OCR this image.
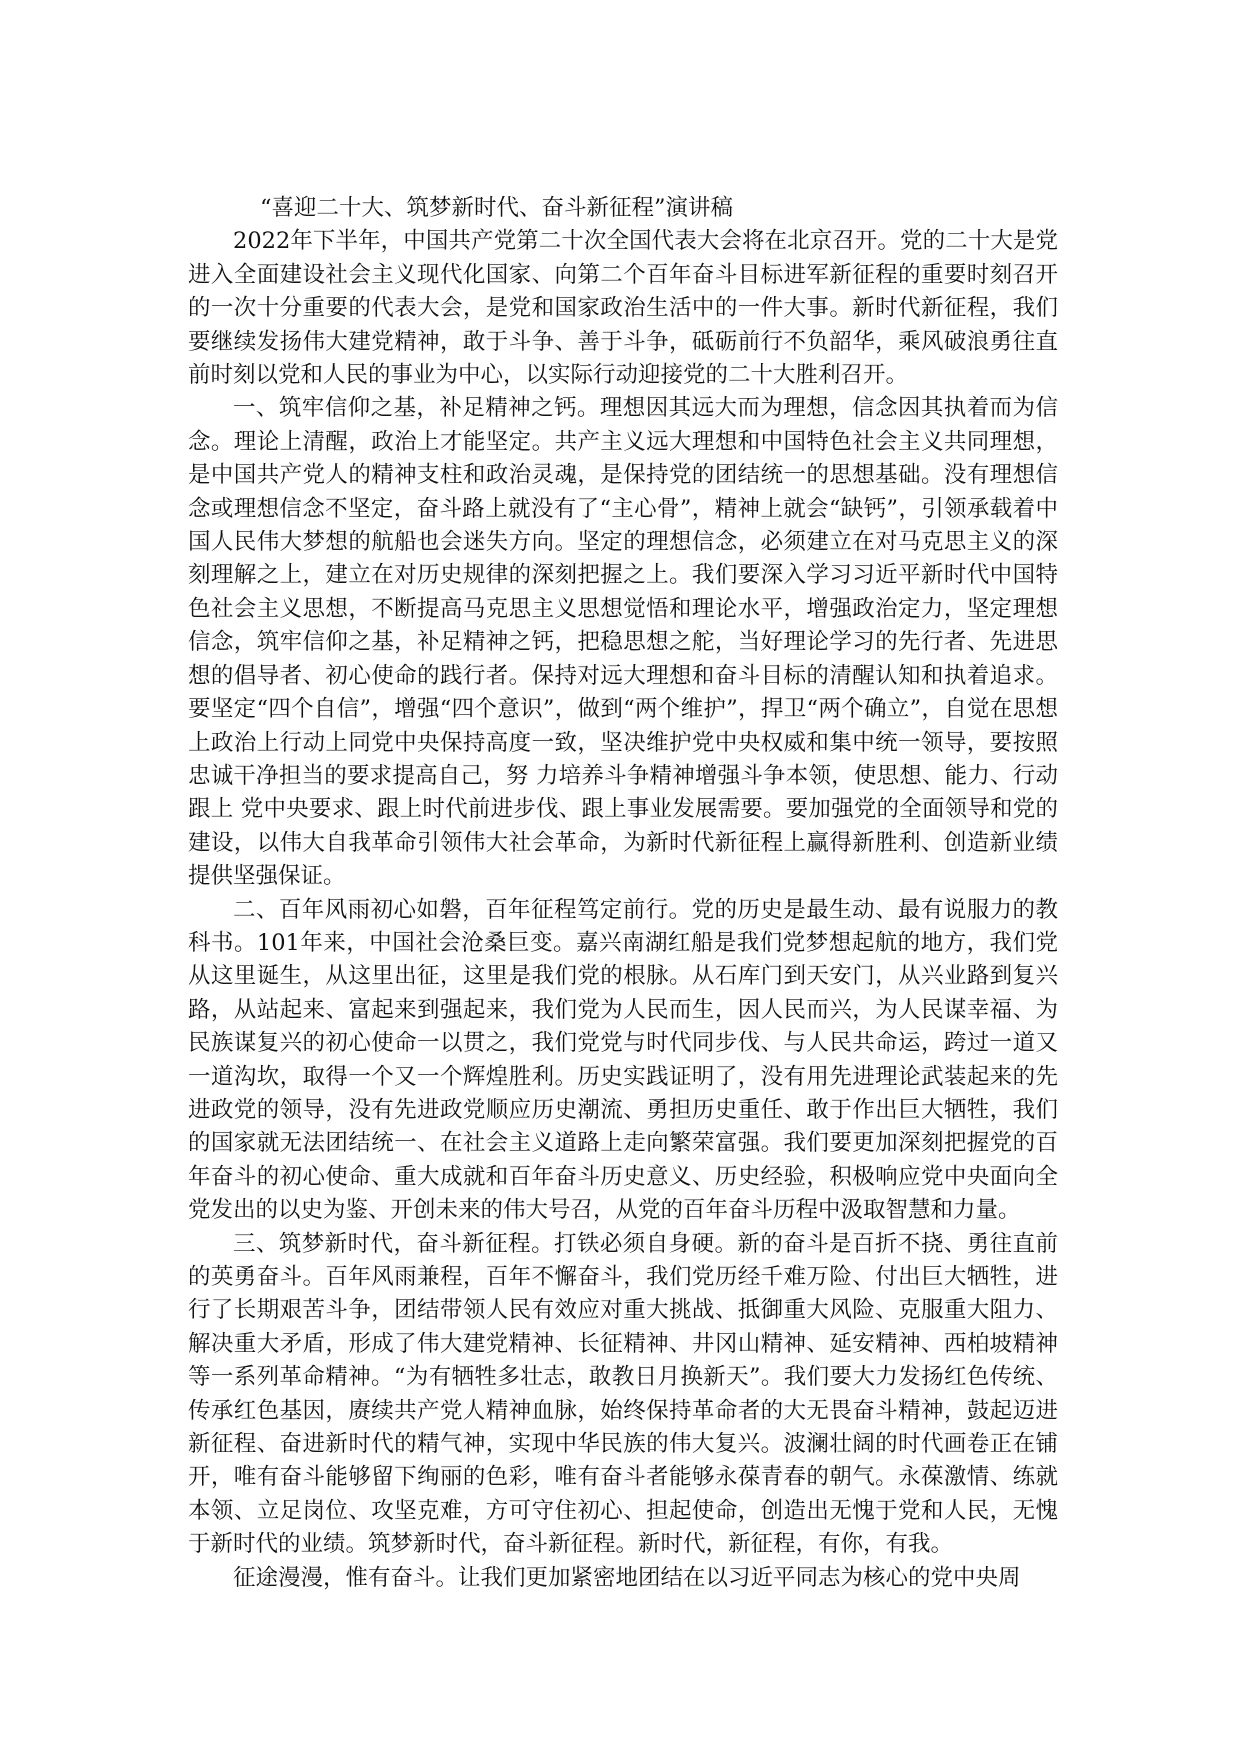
“喜迎二十大、筑梦新时代、奋斗新征程”演讲稿

2022年下半年，中国共产党第二十次全国代表大会将在北京召开。党的二十大是党进入全面建设社会主义现代化国家、向第二个百年奋斗目标进军新征程的重要时刻召开的一次十分重要的代表大会，是党和国家政治生活中的一件大事。新时代新征程，我们要继续发扬伟大建党精神，敢于斗争、善于斗争，砥砺前行不负韶华，乘风破浪勇往直前时刻以党和人民的事业为中心，以实际行动迎接党的二十大胜利召开。

一、筑牢信仰之基，补足精神之钙。理想因其远大而为理想，信念因其执着而为信念。理论上清醒，政治上才能坚定。共产主义远大理想和中国特色社会主义共同理想，是中国共产党人的精神支柱和政治灵魂，是保持党的团结统一的思想基础。没有理想信念或理想信念不坚定，奋斗路上就没有了“主心骨”，精神上就会“缺钙”，引领承载着中国人民伟大梦想的航船也会迷失方向。坚定的理想信念，必须建立在对马克思主义的深刻理解之上，建立在对历史规律的深刻把握之上。我们要深入学习习近平新时代中国特色社会主义思想，不断提高马克思主义思想觉悟和理论水平，增强政治定力，坚定理想信念，筑牢信仰之基，补足精神之钙，把稳思想之舵，当好理论学习的先行者、先进思想的倡导者、初心使命的践行者。保持对远大理想和奋斗目标的清醒认知和执着追求。要坚定“四个自信”，增强“四个意识”，做到“两个维护”，捍卫“两个确立”，自觉在思想上政治上行动上同党中央保持高度一致，坚决维护党中央权威和集中统一领导，要按照忠诚干净担当的要求提高自己，努 力培养斗争精神增强斗争本领，使思想、能力、行动跟上 党中央要求、跟上时代前进步伐、跟上事业发展需要。要加强党的全面领导和党的建设，以伟大自我革命引领伟大社会革命，为新时代新征程上赢得新胜利、创造新业绩提供坚强保证。

二、百年风雨初心如磐，百年征程笃定前行。党的历史是最生动、最有说服力的教科书。101年来，中国社会沧桑巨变。嘉兴南湖红船是我们党梦想起航的地方，我们党从这里诞生，从这里出征，这里是我们党的根脉。从石库门到天安门，从兴业路到复兴路，从站起来、富起来到强起来，我们党为人民而生，因人民而兴，为人民谋幸福、为民族谋复兴的初心使命一以贯之，我们党党与时代同步伐、与人民共命运，跨过一道又一道沟坎，取得一个又一个辉煌胜利。历史实践证明了，没有用先进理论武装起来的先进政党的领导，没有先进政党顺应历史潮流、勇担历史重任、敢于作出巨大牺牲，我们的国家就无法团结统一、在社会主义道路上走向繁荣富强。我们要更加深刻把握党的百年奋斗的初心使命、重大成就和百年奋斗历史意义、历史经验，积极响应党中央面向全党发出的以史为鉴、开创未来的伟大号召，从党的百年奋斗历程中汲取智慧和力量。

三、筑梦新时代，奋斗新征程。打铁必须自身硬。新的奋斗是百折不挠、勇往直前的英勇奋斗。百年风雨兼程，百年不懈奋斗，我们党历经千难万险、付出巨大牺牲，进行了长期艰苦斗争，团结带领人民有效应对重大挑战、抵御重大风险、克服重大阻力、解决重大矛盾，形成了伟大建党精神、长征精神、井冈山精神、延安精神、西柏坡精神等一系列革命精神。“为有牺牲多壮志，敢教日月换新天”。我们要大力发扬红色传统、传承红色基因，赓续共产党人精神血脉，始终保持革命者的大无畏奋斗精神，鼓起迈进新征程、奋进新时代的精气神，实现中华民族的伟大复兴。波澜壮阔的时代画卷正在铺开，唯有奋斗能够留下绚丽的色彩，唯有奋斗者能够永葆青春的朝气。永葆激情、练就本领、立足岗位、攻坚克难，方可守住初心、担起使命，创造出无愧于党和人民，无愧于新时代的业绩。筑梦新时代，奋斗新征程。新时代，新征程，有你，有我。

征途漫漫，惟有奋斗。让我们更加紧密地团结在以习近平同志为核心的党中央周
